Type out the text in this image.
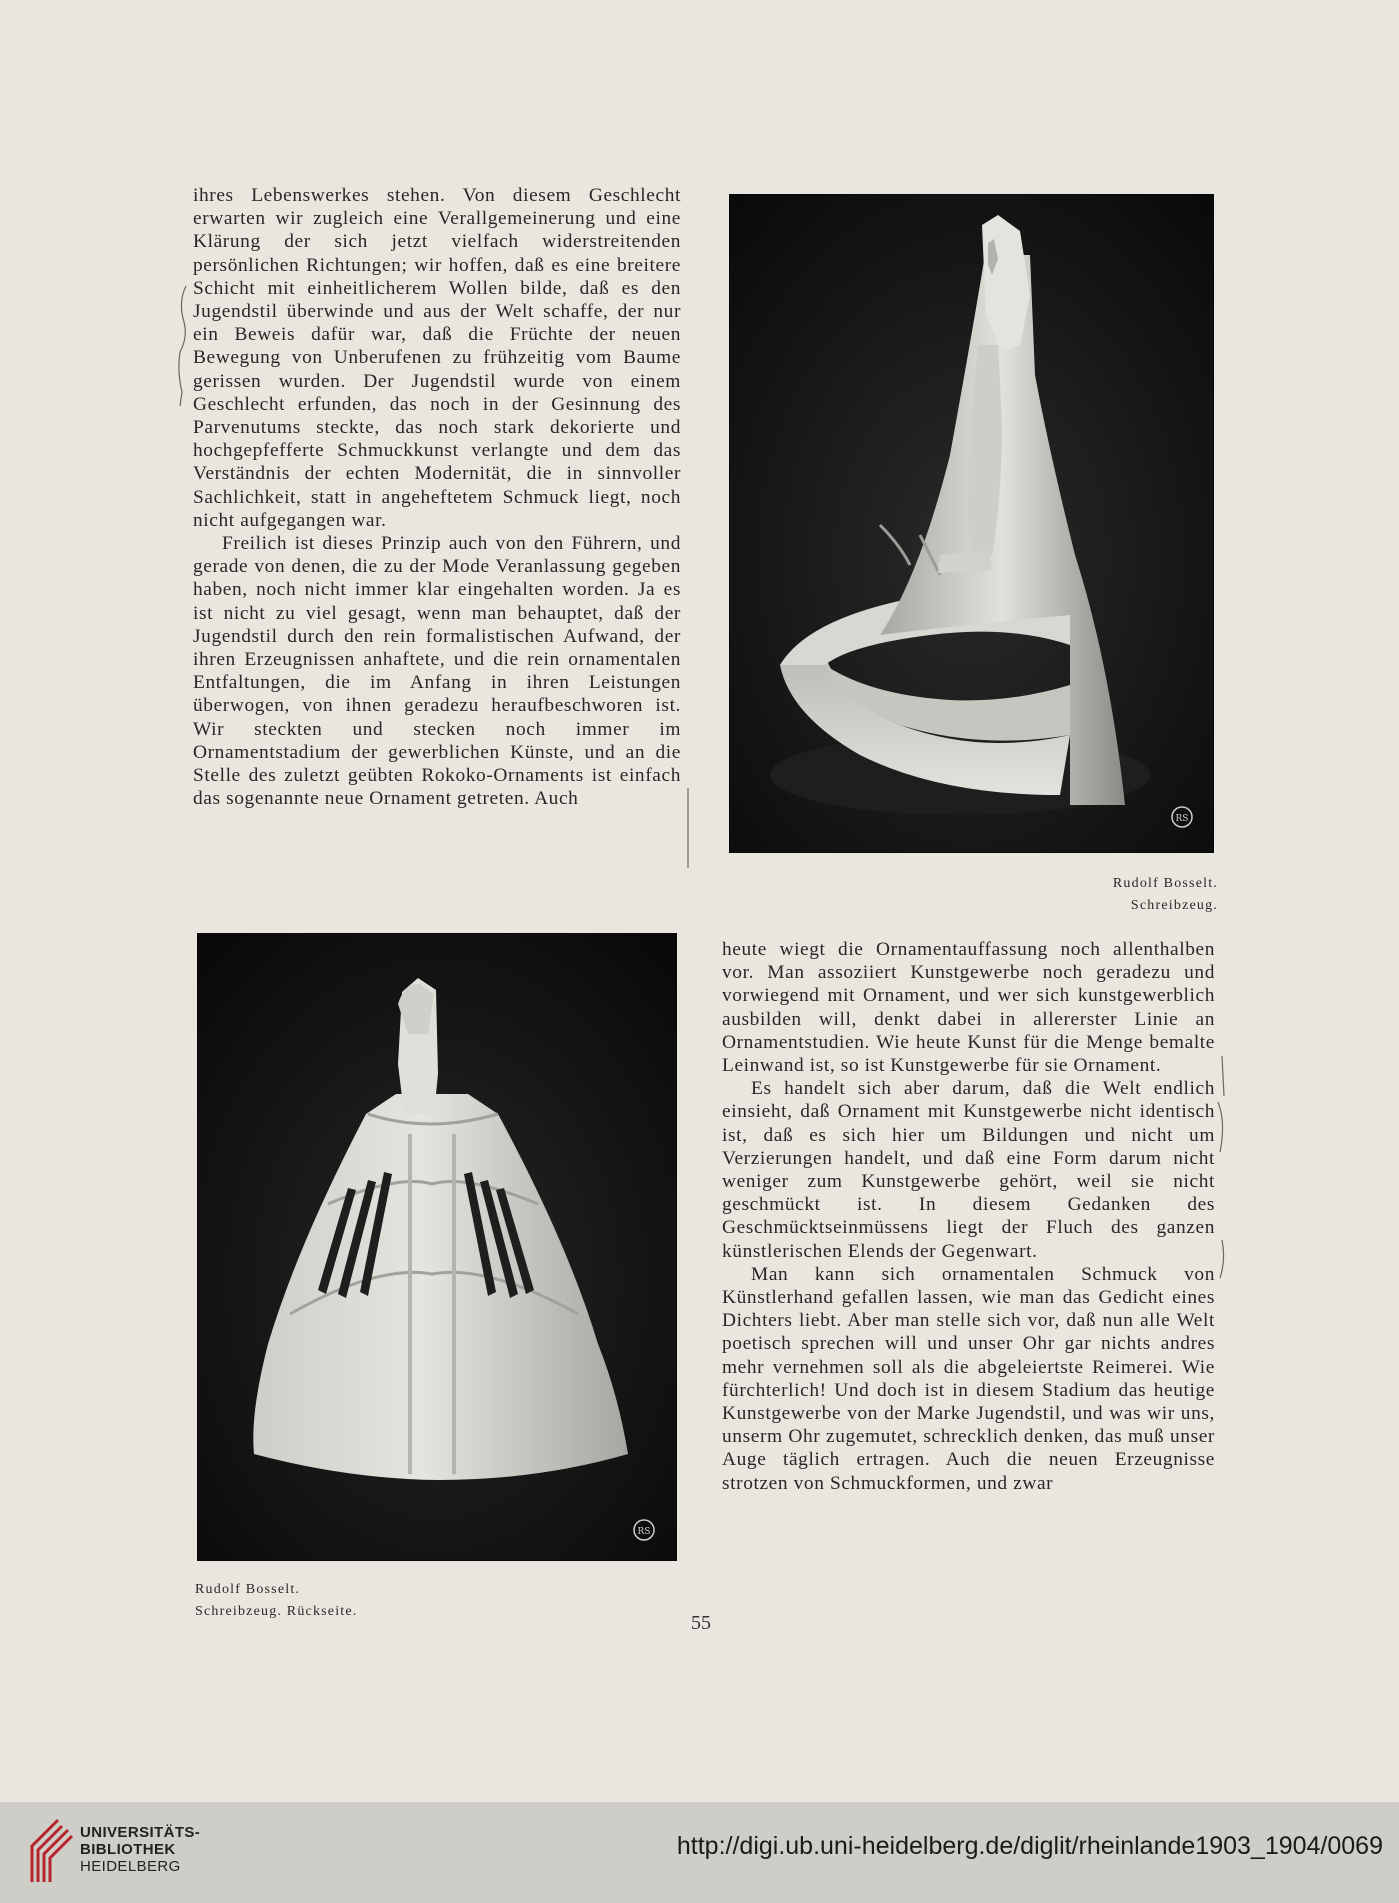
ihres Lebenswerkes stehen. Von diesem Geschlecht erwarten wir zugleich eine Verallgemeinerung und eine Klärung der sich jetzt vielfach widerstreitenden persönlichen Richtungen; wir hoffen, daß es eine breitere Schicht mit einheitlicherem Wollen bilde, daß es den Jugendstil überwinde und aus der Welt schaffe, der nur ein Beweis dafür war, daß die Früchte der neuen Bewegung von Unberufenen zu frühzeitig vom Baume gerissen wurden. Der Jugendstil wurde von einem Geschlecht erfunden, das noch in der Gesinnung des Parvenutums steckte, das noch stark dekorierte und hochgepfefferte Schmuckkunst verlangte und dem das Verständnis der echten Modernität, die in sinnvoller Sachlichkeit, statt in angeheftetem Schmuck liegt, noch nicht aufgegangen war.

Freilich ist dieses Prinzip auch von den Führern, und gerade von denen, die zu der Mode Veranlassung gegeben haben, noch nicht immer klar eingehalten worden. Ja es ist nicht zu viel gesagt, wenn man behauptet, daß der Jugendstil durch den rein formalistischen Aufwand, der ihren Erzeugnissen anhaftete, und die rein ornamentalen Entfaltungen, die im Anfang in ihren Leistungen überwogen, von ihnen geradezu heraufbeschworen ist. Wir steckten und stecken noch immer im Ornamentstadium der gewerblichen Künste, und an die Stelle des zuletzt geübten Rokoko-Ornaments ist einfach das sogenannte neue Ornament getreten. Auch

RS
Rudolf Bosselt.
Schreibzeug.
RS
Rudolf Bosselt.
Schreibzeug. Rückseite.

heute wiegt die Ornamentauffassung noch allenthalben vor. Man assoziiert Kunstgewerbe noch geradezu und vorwiegend mit Ornament, und wer sich kunstgewerblich ausbilden will, denkt dabei in allererster Linie an Ornamentstudien. Wie heute Kunst für die Menge bemalte Leinwand ist, so ist Kunstgewerbe für sie Ornament.

Es handelt sich aber darum, daß die Welt endlich einsieht, daß Ornament mit Kunstgewerbe nicht identisch ist, daß es sich hier um Bildungen und nicht um Verzierungen handelt, und daß eine Form darum nicht weniger zum Kunstgewerbe gehört, weil sie nicht geschmückt ist. In diesem Gedanken des Geschmücktseinmüssens liegt der Fluch des ganzen künstlerischen Elends der Gegenwart.

Man kann sich ornamentalen Schmuck von Künstlerhand gefallen lassen, wie man das Gedicht eines Dichters liebt. Aber man stelle sich vor, daß nun alle Welt poetisch sprechen will und unser Ohr gar nichts andres mehr vernehmen soll als die abgeleiertste Reimerei. Wie fürchterlich! Und doch ist in diesem Stadium das heutige Kunstgewerbe von der Marke Jugendstil, und was wir uns, unserm Ohr zugemutet, schrecklich denken, das muß unser Auge täglich ertragen. Auch die neuen Erzeugnisse strotzen von Schmuckformen, und zwar

55
UNIVERSITÄTS-
BIBLIOTHEK
HEIDELBERG
http://digi.ub.uni-heidelberg.de/diglit/rheinlande1903_1904/0069
